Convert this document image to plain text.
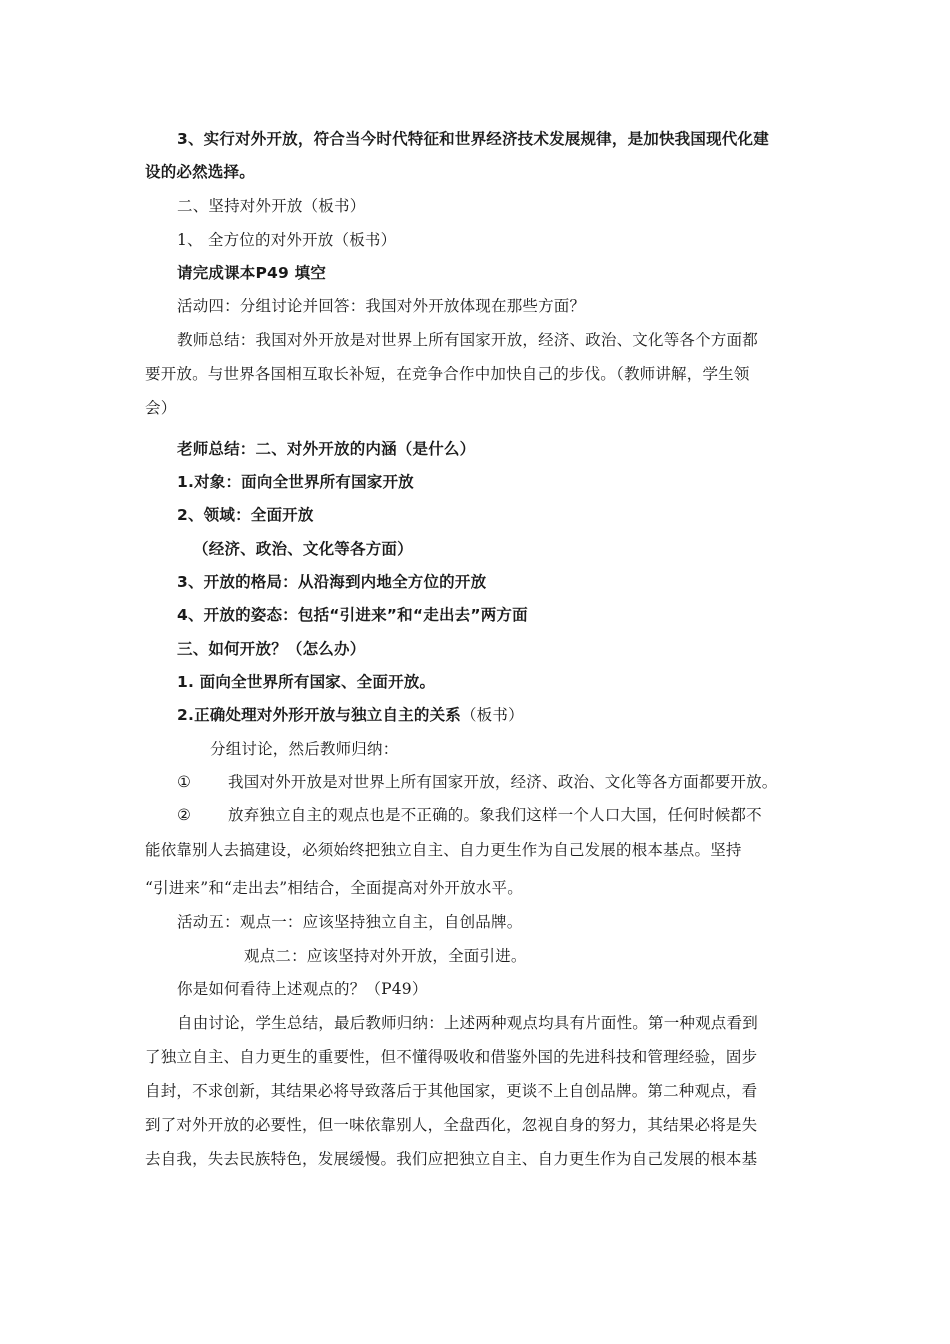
3、实行对外开放，符合当今时代特征和世界经济技术发展规律，是加快我国现代化建
设的必然选择。
二、坚持对外开放（板书）
1、 全方位的对外开放（板书）
请完成课本P49 填空
活动四：分组讨论并回答：我国对外开放体现在那些方面？
教师总结：我国对外开放是对世界上所有国家开放，经济、政治、文化等各个方面都
要开放。与世界各国相互取长补短，在竞争合作中加快自己的步伐。（教师讲解，学生领
会）
老师总结：二、对外开放的内涵（是什么）
1.对象：面向全世界所有国家开放
2、领域：全面开放
（经济、政治、文化等各方面）
3、开放的格局：从沿海到内地全方位的开放
4、开放的姿态：包括“引进来”和“走出去”两方面
三、如何开放？（怎么办）
1. 面向全世界所有国家、全面开放。
2.正确处理对外形开放与独立自主的关系（板书）
分组讨论，然后教师归纳：
① 我国对外开放是对世界上所有国家开放，经济、政治、文化等各方面都要开放。
② 放弃独立自主的观点也是不正确的。象我们这样一个人口大国，任何时候都不
能依靠别人去搞建设，必须始终把独立自主、自力更生作为自己发展的根本基点。坚持
“引进来”和“走出去”相结合，全面提高对外开放水平。
活动五：观点一：应该坚持独立自主，自创品牌。
观点二：应该坚持对外开放，全面引进。
你是如何看待上述观点的？（P49）
自由讨论，学生总结，最后教师归纳：上述两种观点均具有片面性。第一种观点看到
了独立自主、自力更生的重要性，但不懂得吸收和借鉴外国的先进科技和管理经验，固步
自封，不求创新，其结果必将导致落后于其他国家，更谈不上自创品牌。第二种观点，看
到了对外开放的必要性，但一味依靠别人，全盘西化，忽视自身的努力，其结果必将是失
去自我，失去民族特色，发展缓慢。我们应把独立自主、自力更生作为自己发展的根本基
